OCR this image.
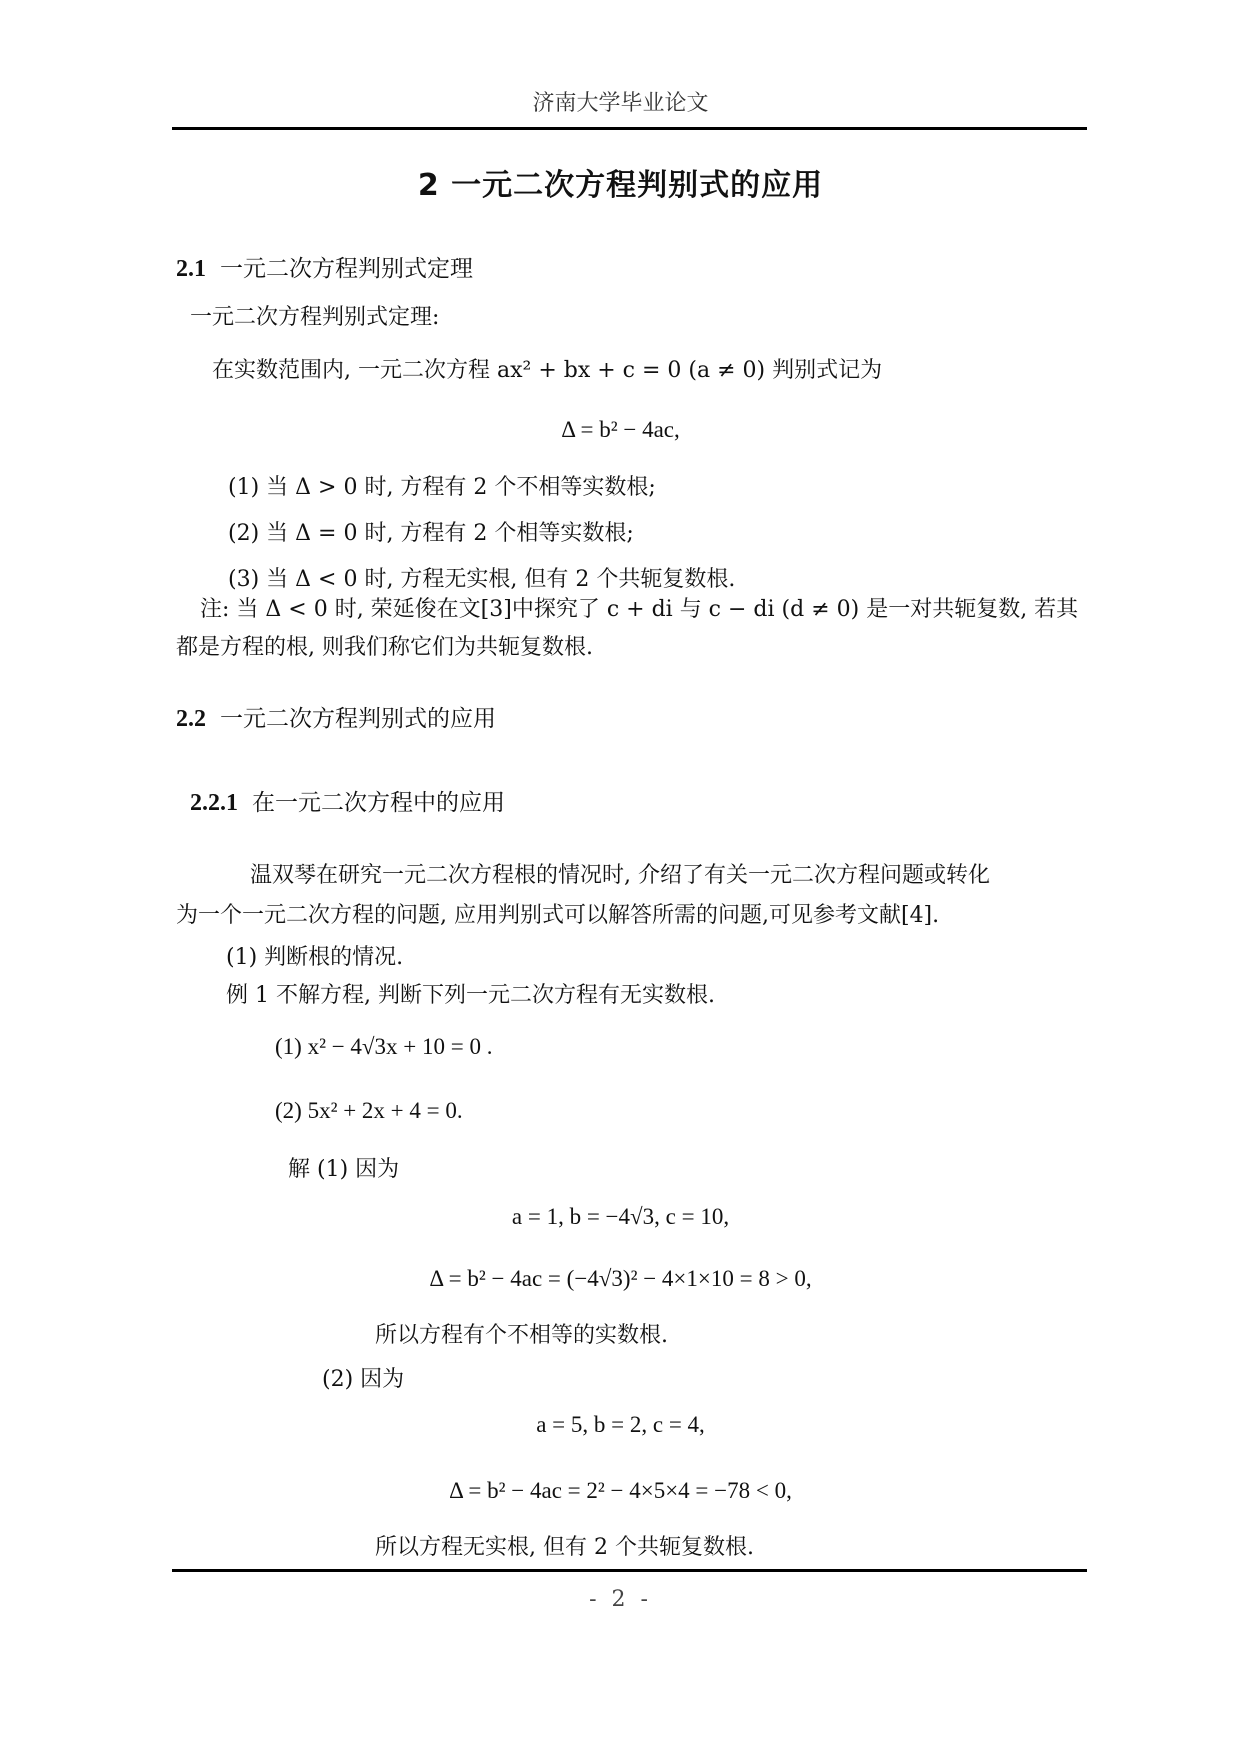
济南大学毕业论文
2 一元二次方程判别式的应用
2.1 一元二次方程判别式定理
一元二次方程判别式定理:
在实数范围内, 一元二次方程 ax² + bx + c = 0 (a ≠ 0) 判别式记为
Δ = b² − 4ac,
(1) 当 Δ > 0 时, 方程有 2 个不相等实数根;
(2) 当 Δ = 0 时, 方程有 2 个相等实数根;
(3) 当 Δ < 0 时, 方程无实根, 但有 2 个共轭复数根.
注: 当 Δ < 0 时, 荣延俊在文[3]中探究了 c + di 与 c − di (d ≠ 0) 是一对共轭复数, 若其
都是方程的根, 则我们称它们为共轭复数根.
2.2 一元二次方程判别式的应用
2.2.1 在一元二次方程中的应用
温双琴在研究一元二次方程根的情况时, 介绍了有关一元二次方程问题或转化
为一个一元二次方程的问题, 应用判别式可以解答所需的问题,可见参考文献[4].
(1) 判断根的情况.
例 1 不解方程, 判断下列一元二次方程有无实数根.
(1) x² − 4√3x + 10 = 0 .
(2) 5x² + 2x + 4 = 0.
解 (1) 因为
a = 1, b = −4√3, c = 10,
Δ = b² − 4ac = (−4√3)² − 4×1×10 = 8 > 0,
所以方程有个不相等的实数根.
(2) 因为
a = 5, b = 2, c = 4,
Δ = b² − 4ac = 2² − 4×5×4 = −78 < 0,
所以方程无实根, 但有 2 个共轭复数根.
- 2 -
